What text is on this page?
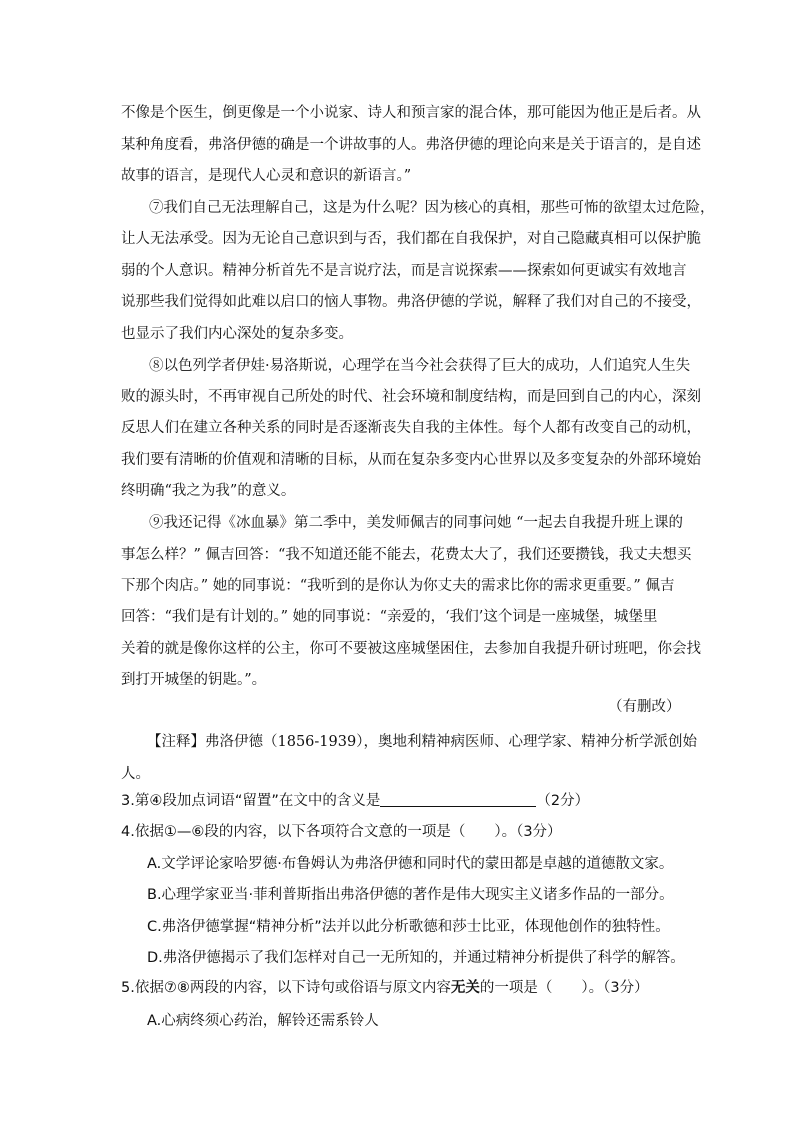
不像是个医生，倒更像是一个小说家、诗人和预言家的混合体，那可能因为他正是后者。从
某种角度看，弗洛伊德的确是一个讲故事的人。弗洛伊德的理论向来是关于语言的，是自述
故事的语言，是现代人心灵和意识的新语言。”
⑦我们自己无法理解自己，这是为什么呢？因为核心的真相，那些可怖的欲望太过危险，
让人无法承受。因为无论自己意识到与否，我们都在自我保护，对自己隐藏真相可以保护脆
弱的个人意识。精神分析首先不是言说疗法，而是言说探索——探索如何更诚实有效地言
说那些我们觉得如此难以启口的恼人事物。弗洛伊德的学说，解释了我们对自己的不接受，
也显示了我们内心深处的复杂多变。
⑧以色列学者伊娃·易洛斯说，心理学在当今社会获得了巨大的成功，人们追究人生失
败的源头时，不再审视自己所处的时代、社会环境和制度结构，而是回到自己的内心，深刻
反思人们在建立各种关系的同时是否逐渐丧失自我的主体性。每个人都有改变自己的动机，
我们要有清晰的价值观和清晰的目标，从而在复杂多变内心世界以及多变复杂的外部环境始
终明确“我之为我”的意义。
⑨我还记得《冰血暴》第二季中，美发师佩吉的同事问她 “一起去自我提升班上课的
事怎么样？” 佩吉回答：“我不知道还能不能去，花费太大了，我们还要攒钱，我丈夫想买
下那个肉店。” 她的同事说：“我听到的是你认为你丈夫的需求比你的需求更重要。” 佩吉
回答：“我们是有计划的。” 她的同事说：“亲爱的，‘我们’这个词是一座城堡，城堡里
关着的就是像你这样的公主，你可不要被这座城堡困住，去参加自我提升研讨班吧，你会找
到打开城堡的钥匙。”。
（有删改）
【注释】弗洛伊德（1856-1939），奥地利精神病医师、心理学家、精神分析学派创始
人。
3.第④段加点词语“留置”在文中的含义是	（2分）
4.依据①—⑥段的内容，以下各项符合文意的一项是（　　）。（3分）
A.文学评论家哈罗德·布鲁姆认为弗洛伊德和同时代的蒙田都是卓越的道德散文家。
B.心理学家亚当·菲利普斯指出弗洛伊德的著作是伟大现实主义诸多作品的一部分。
C.弗洛伊德掌握“精神分析”法并以此分析歌德和莎士比亚，体现他创作的独特性。
D.弗洛伊德揭示了我们怎样对自己一无所知的，并通过精神分析提供了科学的解答。
5.依据⑦⑧两段的内容，以下诗句或俗语与原文内容无关的一项是（　　）。（3分）
A.心病终须心药治，解铃还需系铃人
